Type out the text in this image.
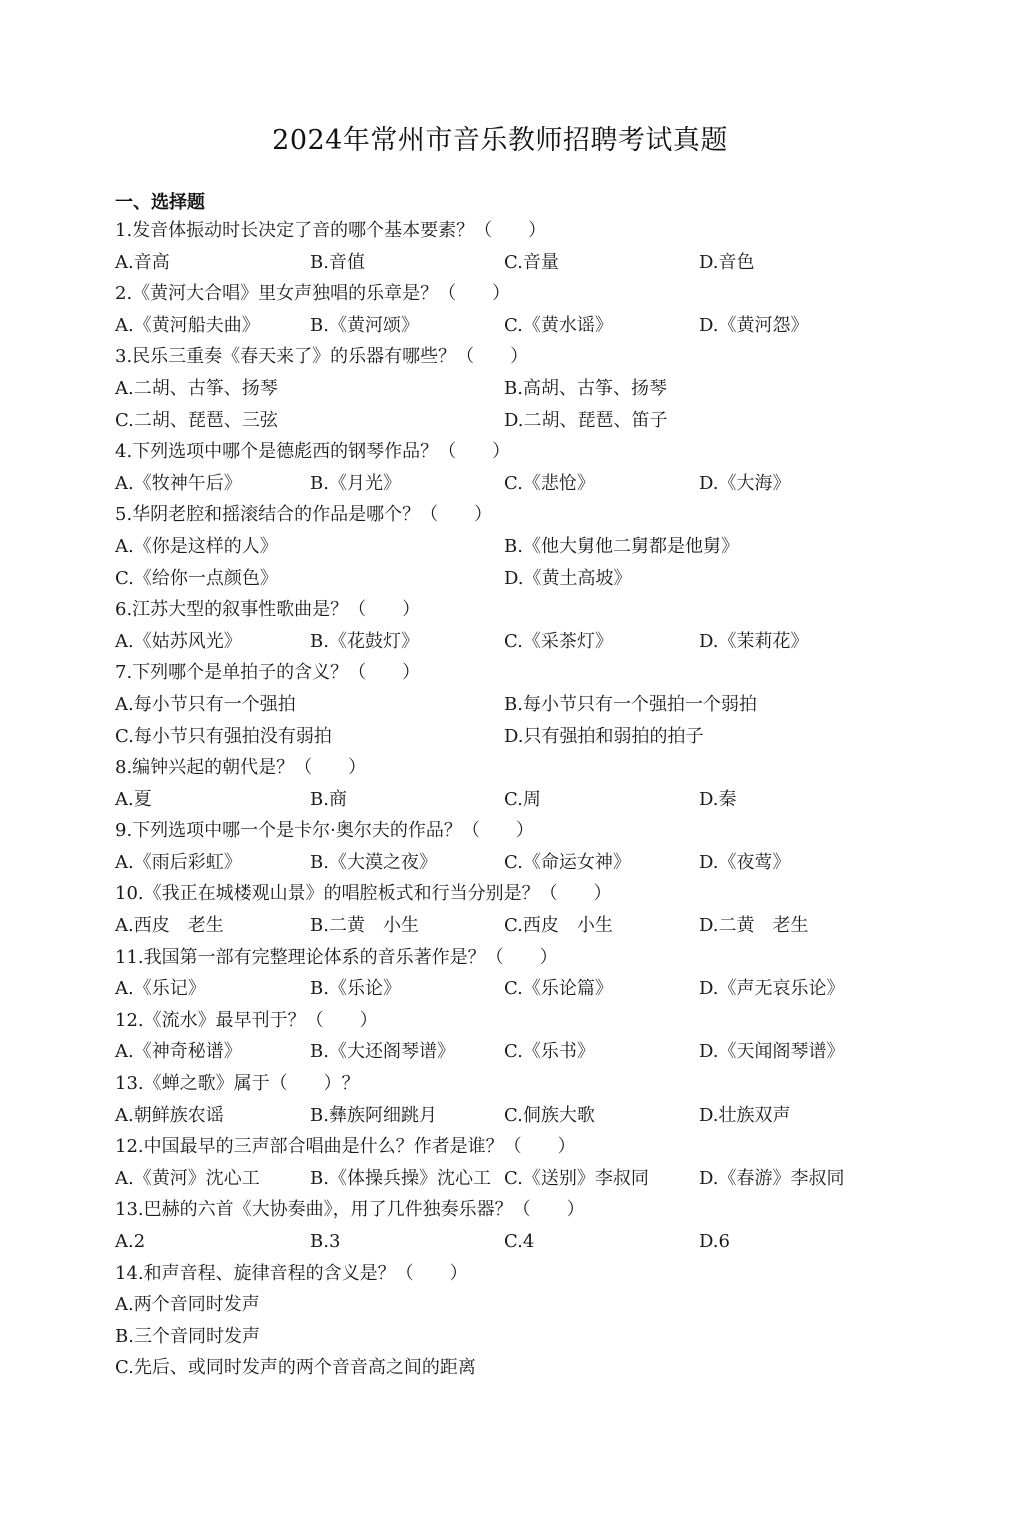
2024年常州市音乐教师招聘考试真题
一、选择题
1.发音体振动时长决定了音的哪个基本要素？（　　）
A.音高	B.音值	C.音量	D.音色
2.《黄河大合唱》里女声独唱的乐章是？（　　）
A.《黄河船夫曲》	B.《黄河颂》	C.《黄水谣》	D.《黄河怨》
3.民乐三重奏《春天来了》的乐器有哪些？（　　）
A.二胡、古筝、扬琴	B.高胡、古筝、扬琴
C.二胡、琵琶、三弦	D.二胡、琵琶、笛子
4.下列选项中哪个是德彪西的钢琴作品？（　　）
A.《牧神午后》	B.《月光》	C.《悲怆》	D.《大海》
5.华阴老腔和摇滚结合的作品是哪个？（　　）
A.《你是这样的人》	B.《他大舅他二舅都是他舅》
C.《给你一点颜色》	D.《黄土高坡》
6.江苏大型的叙事性歌曲是？（　　）
A.《姑苏风光》	B.《花鼓灯》	C.《采茶灯》	D.《茉莉花》
7.下列哪个是单拍子的含义？（　　）
A.每小节只有一个强拍	B.每小节只有一个强拍一个弱拍
C.每小节只有强拍没有弱拍	D.只有强拍和弱拍的拍子
8.编钟兴起的朝代是？（　　）
A.夏	B.商	C.周	D.秦
9.下列选项中哪一个是卡尔·奥尔夫的作品？（　　）
A.《雨后彩虹》	B.《大漠之夜》	C.《命运女神》	D.《夜莺》
10.《我正在城楼观山景》的唱腔板式和行当分别是？（　　）
A.西皮　老生	B.二黄　小生	C.西皮　小生	D.二黄　老生
11.我国第一部有完整理论体系的音乐著作是？（　　）
A.《乐记》	B.《乐论》	C.《乐论篇》	D.《声无哀乐论》
12.《流水》最早刊于？（　　）
A.《神奇秘谱》	B.《大还阁琴谱》	C.《乐书》	D.《天闻阁琴谱》
13.《蝉之歌》属于（　　）？
A.朝鲜族农谣	B.彝族阿细跳月	C.侗族大歌	D.壮族双声
12.中国最早的三声部合唱曲是什么？作者是谁？（　　）
A.《黄河》沈心工	B.《体操兵操》沈心工 C.《送别》李叔同	D.《春游》李叔同
13.巴赫的六首《大协奏曲》，用了几件独奏乐器？（　　）
A.2	B.3	C.4	D.6
14.和声音程、旋律音程的含义是？（　　）
A.两个音同时发声
B.三个音同时发声
C.先后、或同时发声的两个音音高之间的距离
